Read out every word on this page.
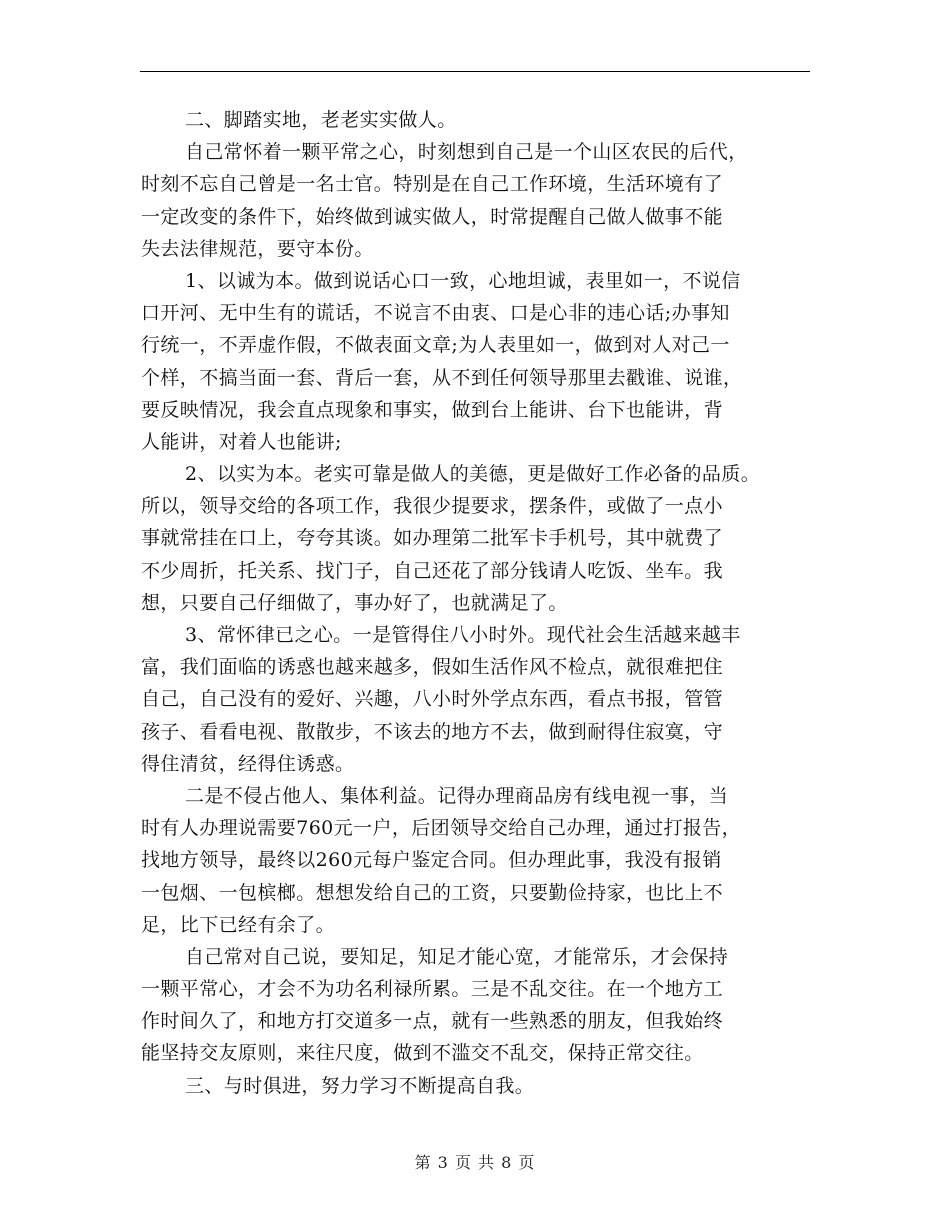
二、脚踏实地，老老实实做人。
自己常怀着一颗平常之心，时刻想到自己是一个山区农民的后代，
时刻不忘自己曾是一名士官。特别是在自己工作环境，生活环境有了
一定改变的条件下，始终做到诚实做人，时常提醒自己做人做事不能
失去法律规范，要守本份。
1、以诚为本。做到说话心口一致，心地坦诚，表里如一，不说信
口开河、无中生有的谎话，不说言不由衷、口是心非的违心话;办事知
行统一，不弄虚作假，不做表面文章;为人表里如一，做到对人对己一
个样，不搞当面一套、背后一套，从不到任何领导那里去戳谁、说谁，
要反映情况，我会直点现象和事实，做到台上能讲、台下也能讲，背
人能讲，对着人也能讲;
2、以实为本。老实可靠是做人的美德，更是做好工作必备的品质。
所以，领导交给的各项工作，我很少提要求，摆条件，或做了一点小
事就常挂在口上，夸夸其谈。如办理第二批军卡手机号，其中就费了
不少周折，托关系、找门子，自己还花了部分钱请人吃饭、坐车。我
想，只要自己仔细做了，事办好了，也就满足了。
3、常怀律已之心。一是管得住八小时外。现代社会生活越来越丰
富，我们面临的诱惑也越来越多，假如生活作风不检点，就很难把住
自己，自己没有的爱好、兴趣，八小时外学点东西，看点书报，管管
孩子、看看电视、散散步，不该去的地方不去，做到耐得住寂寞，守
得住清贫，经得住诱惑。
二是不侵占他人、集体利益。记得办理商品房有线电视一事，当
时有人办理说需要760元一户，后团领导交给自己办理，通过打报告，
找地方领导，最终以260元每户鉴定合同。但办理此事，我没有报销
一包烟、一包槟榔。想想发给自己的工资，只要勤俭持家，也比上不
足，比下已经有余了。
自己常对自己说，要知足，知足才能心宽，才能常乐，才会保持
一颗平常心，才会不为功名利禄所累。三是不乱交往。在一个地方工
作时间久了，和地方打交道多一点，就有一些熟悉的朋友，但我始终
能坚持交友原则，来往尺度，做到不滥交不乱交，保持正常交往。
三、与时俱进，努力学习不断提高自我。
第 3 页 共 8 页
